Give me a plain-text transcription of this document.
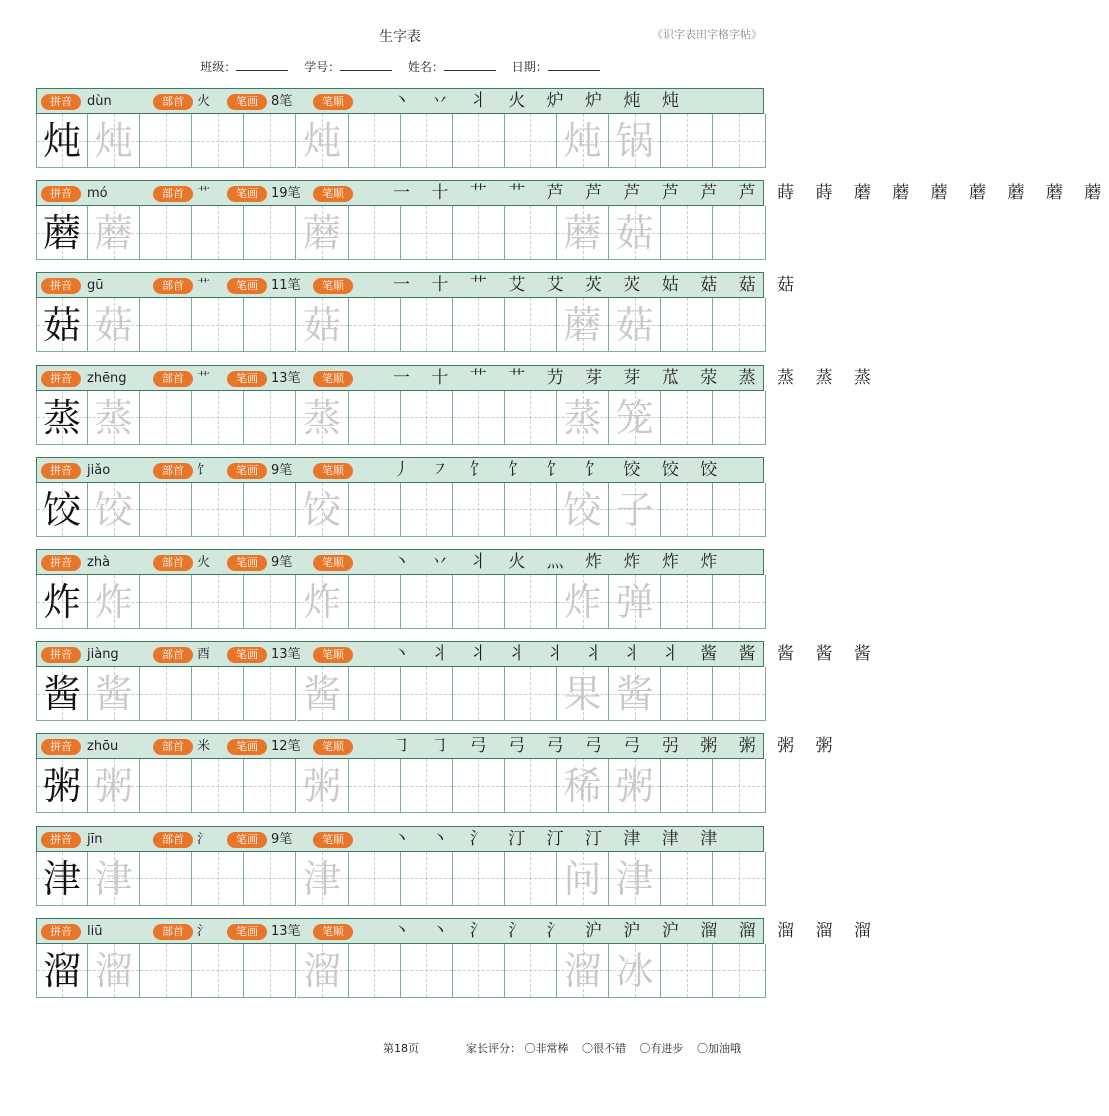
生字表	《识字表田字格字帖》
班级：	学号：	姓名：	日期：
拼音	部首	笔画	笔顺
dùn	火	8笔	丶 丷 丬 火 炉 炉 炖 炖
炖 炖	炖	炖 锅
拼音	部首	笔画	笔顺
mó	艹	19笔	一 十 艹 艹 芦 芦 芦 芦 芦 芦 蒔 蒔 蘑 蘑 蘑 蘑 蘑 蘑 蘑
蘑 蘑	蘑	蘑 菇
拼音	部首	笔画	笔顺
gū	艹	11笔	一 十 艹 艾 艾 苂 苂 姑 菇 菇 菇
菇 菇	菇	蘑 菇
拼音	部首	笔画	笔顺
zhēng	艹	13笔	一 十 艹 艹 芀 芽 芽 苽 荥 蒸 蒸 蒸 蒸
蒸 蒸	蒸	蒸 笼
拼音	部首	笔画	笔顺
jiǎo	饣	9笔	丿 ㇇ 饣 饣 饣 饣 饺 饺 饺
饺 饺	饺	饺 子
拼音	部首	笔画	笔顺
zhà	火	9笔	丶 丷 丬 火 灬 炸 炸 炸 炸
炸 炸	炸	炸 弹
拼音	部首	笔画	笔顺
jiàng	酉	13笔	丶 丬 丬 丬 丬 丬 丬 丬 酱 酱 酱 酱 酱
酱 酱	酱	果 酱
拼音	部首	笔画	笔顺
zhōu	米	12笔	㇆ ㇆ 弓 弓 弓 弓 弓 弜 粥 粥 粥 粥
粥 粥	粥	稀 粥
拼音	部首	笔画	笔顺
jīn	氵	9笔	丶 丶 氵 汀 汀 汀 津 津 津
津 津	津	问 津
拼音	部首	笔画	笔顺
liū	氵	13笔	丶 丶 氵 氵 氵 沪 沪 沪 溜 溜 溜 溜 溜
溜 溜	溜	溜 冰
第18页	家长评分： 〇非常棒 〇很不错 〇有进步 〇加油哦
